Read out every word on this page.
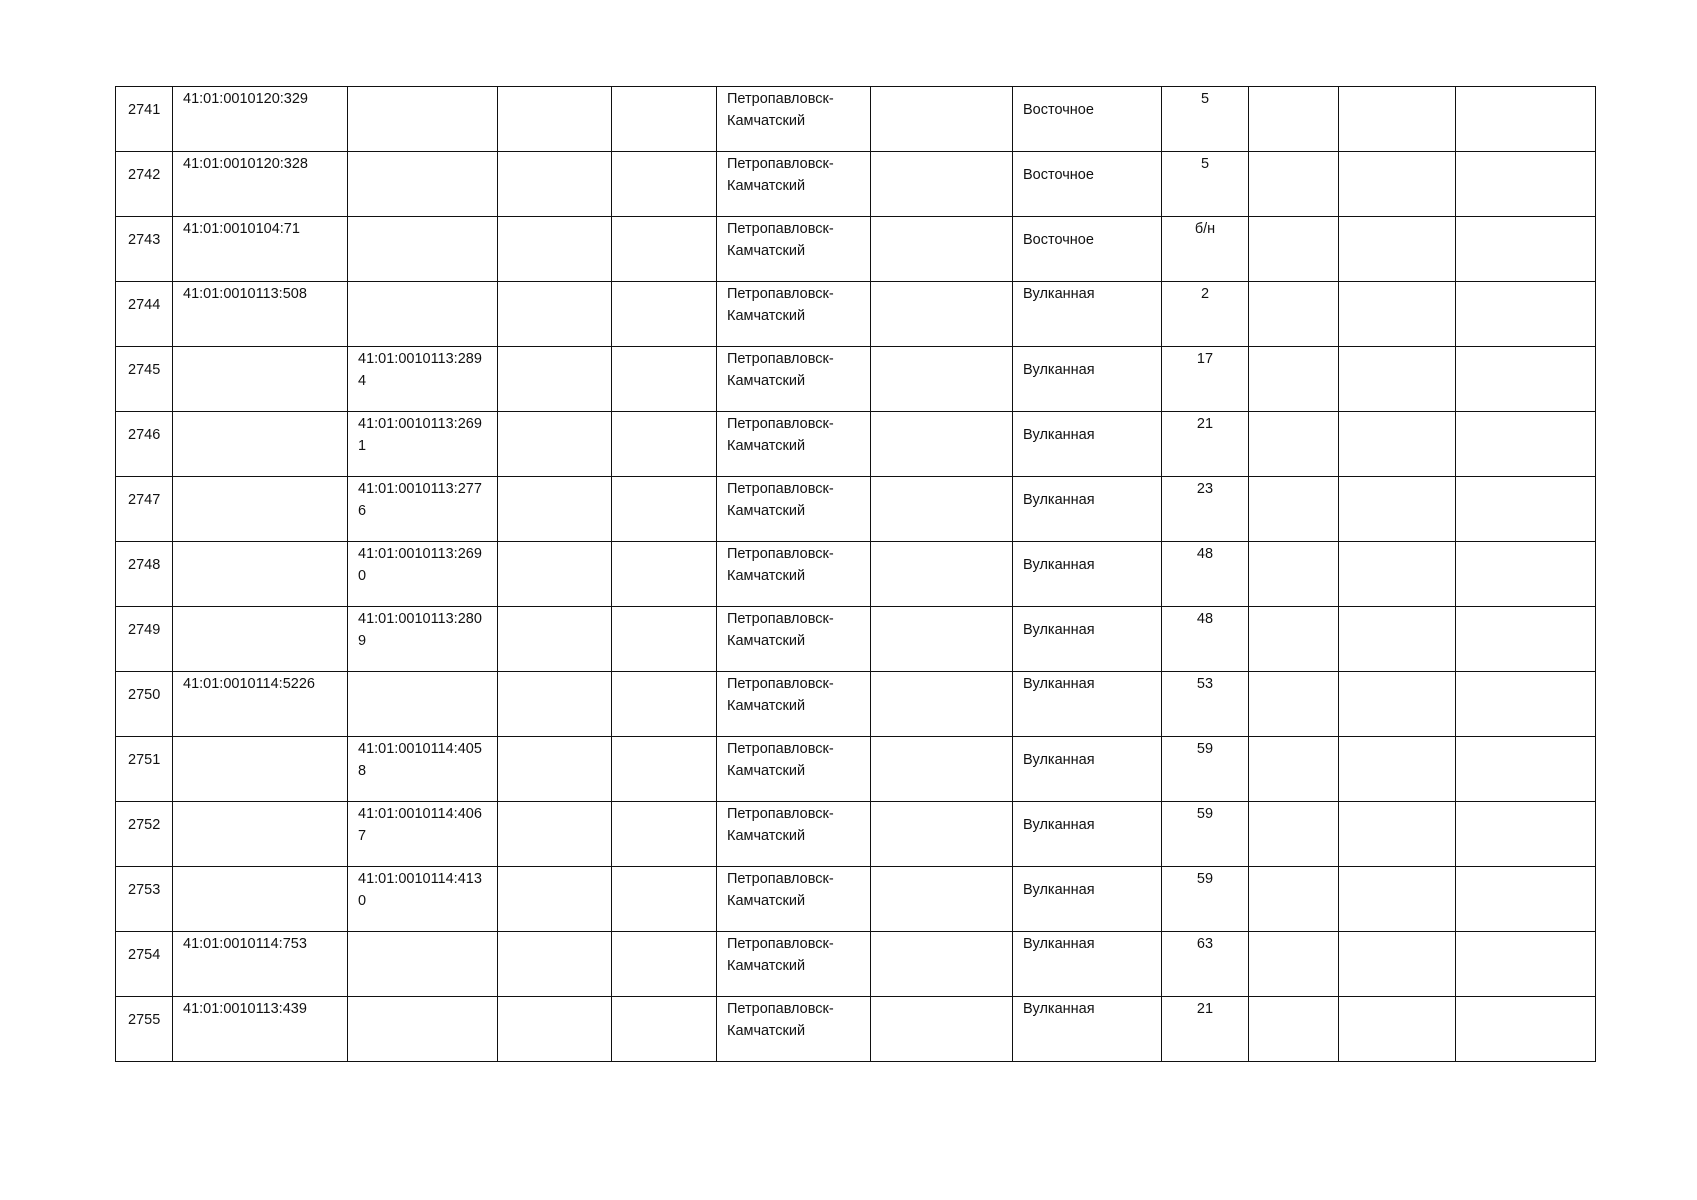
2741	41:01:0010120:329				Петропавловск-Камчатский		Восточное	5			

2742	41:01:0010120:328				Петропавловск-Камчатский		Восточное	5			

2743	41:01:0010104:71				Петропавловск-Камчатский		Восточное	б/н			

2744	41:01:0010113:508				Петропавловск-Камчатский		Вулканная	2			

2745		41:01:0010113:2894			Петропавловск-Камчатский		Вулканная	17			

2746		41:01:0010113:2691			Петропавловск-Камчатский		Вулканная	21			

2747		41:01:0010113:2776			Петропавловск-Камчатский		Вулканная	23			

2748		41:01:0010113:2690			Петропавловск-Камчатский		Вулканная	48			

2749		41:01:0010113:2809			Петропавловск-Камчатский		Вулканная	48			

2750	41:01:0010114:5226				Петропавловск-Камчатский		Вулканная	53			

2751		41:01:0010114:4058			Петропавловск-Камчатский		Вулканная	59			

2752		41:01:0010114:4067			Петропавловск-Камчатский		Вулканная	59			

2753		41:01:0010114:4130			Петропавловск-Камчатский		Вулканная	59			

2754	41:01:0010114:753				Петропавловск-Камчатский		Вулканная	63			

2755	41:01:0010113:439				Петропавловск-Камчатский		Вулканная	21			
